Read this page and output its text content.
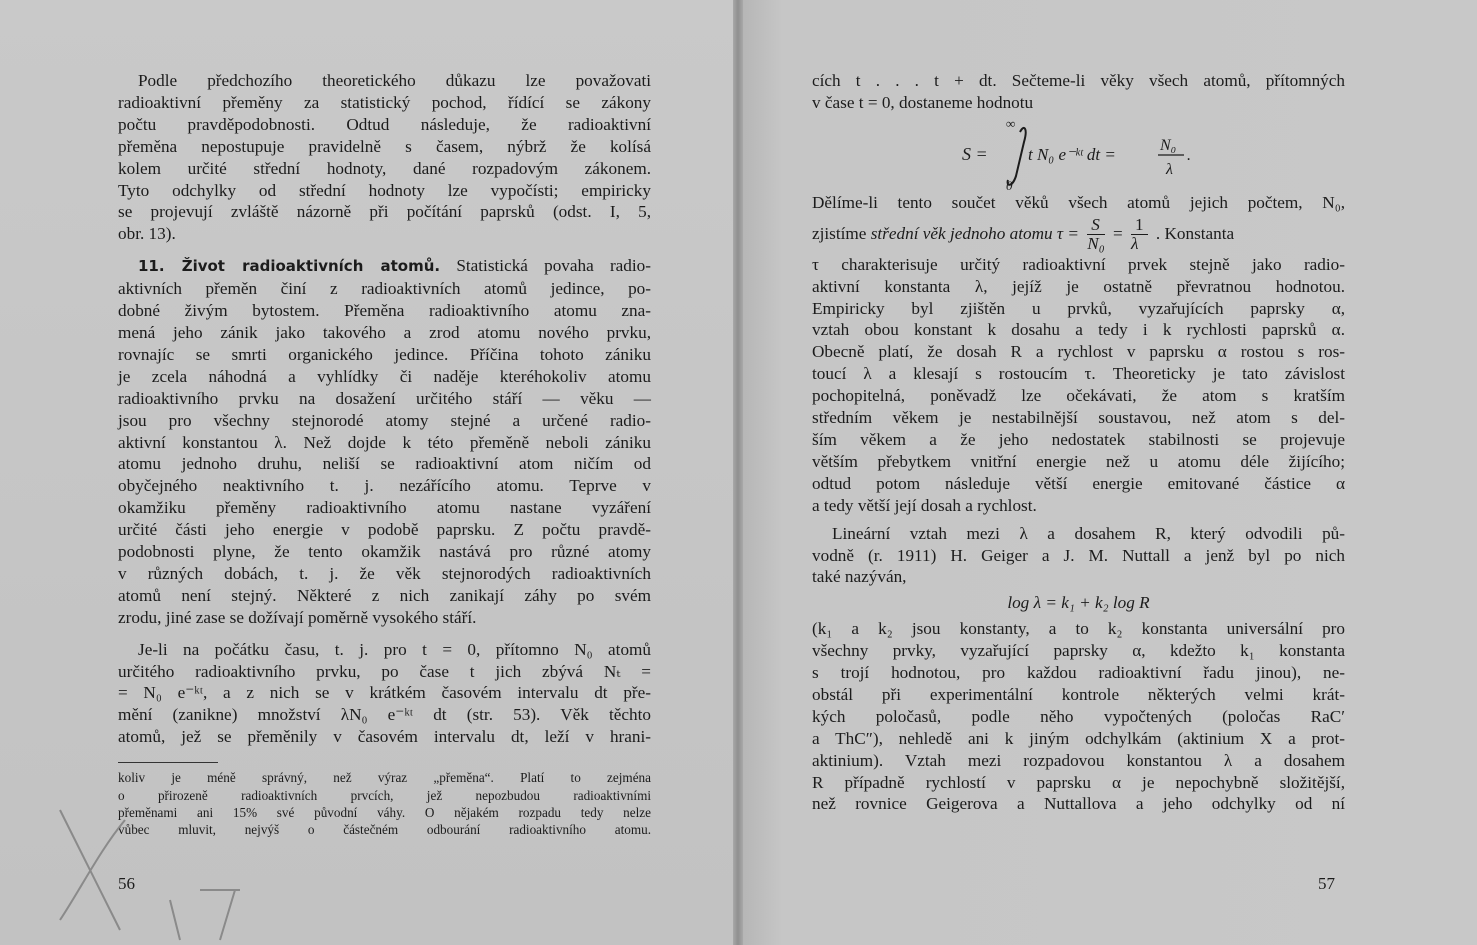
Podle předchozího theoretického důkazu lze považovati
radioaktivní přeměny za statistický pochod, řídící se zákony
počtu pravděpodobnosti. Odtud následuje, že radioaktivní
přeměna nepostupuje pravidelně s časem, nýbrž že kolísá
kolem určité střední hodnoty, dané rozpadovým zákonem.
Tyto odchylky od střední hodnoty lze vypočísti; empiricky
se projevují zvláště názorně při počítání paprsků (odst. I, 5,
obr. 13).
11. Život radioaktivních atomů. Statistická povaha radio-
aktivních přeměn činí z radioaktivních atomů jedince, po-
dobné živým bytostem. Přeměna radioaktivního atomu zna-
mená jeho zánik jako takového a zrod atomu nového prvku,
rovnajíc se smrti organického jedince. Příčina tohoto zániku
je zcela náhodná a vyhlídky či naděje kteréhokoliv atomu
radioaktivního prvku na dosažení určitého stáří — věku —
jsou pro všechny stejnorodé atomy stejné a určené radio-
aktivní konstantou λ. Než dojde k této přeměně neboli zániku
atomu jednoho druhu, neliší se radioaktivní atom ničím od
obyčejného neaktivního t. j. nezářícího atomu. Teprve v
okamžiku přeměny radioaktivního atomu nastane vyzáření
určité části jeho energie v podobě paprsku. Z počtu pravdě-
podobnosti plyne, že tento okamžik nastává pro různé atomy
v různých dobách, t. j. že věk stejnorodých radioaktivních
atomů není stejný. Některé z nich zanikají záhy po svém
zrodu, jiné zase se dožívají poměrně vysokého stáří.
Je-li na počátku času, t. j. pro t = 0, přítomno N₀ atomů
určitého radioaktivního prvku, po čase t jich zbývá Nₜ =
= N₀ e⁻ᵏᵗ, a z nich se v krátkém časovém intervalu dt pře-
mění (zanikne) množství λN₀ e⁻ᵏᵗ dt (str. 53). Věk těchto
atomů, jež se přeměnily v časovém intervalu dt, leží v hrani-
koliv je méně správný, než výraz „přeměna“. Platí to zejména
o přirozeně radioaktivních prvcích, jež nepozbudou radioaktivními
přeměnami ani 15% své původní váhy. O nějakém rozpadu tedy nelze
vůbec mluvit, nejvýš o částečném odbourání radioaktivního atomu.
56
cích t . . . t + dt. Sečteme-li věky všech atomů, přítomných
v čase t = 0, dostaneme hodnotu
S =
∞
0
t N₀ e⁻ᵏᵗ dt =	N₀
λ
.
Dělíme-li tento součet věků všech atomů jejich počtem, N₀,
zjistíme střední věk jednoho atomu $\tau = \frac{S}{\text{N₀}} = \frac{1}{\lambda}$ . Konstanta
τ charakterisuje určitý radioaktivní prvek stejně jako radio-
aktivní konstanta λ, jejíž je ostatně převratnou hodnotou.
Empiricky byl zjištěn u prvků, vyzařujících paprsky α,
vztah obou konstant k dosahu a tedy i k rychlosti paprsků α.
Obecně platí, že dosah R a rychlost v paprsku α rostou s ros-
toucí λ a klesají s rostoucím τ. Theoreticky je tato závislost
pochopitelná, poněvadž lze očekávati, že atom s kratším
středním věkem je nestabilnější soustavou, než atom s del-
ším věkem a že jeho nedostatek stabilnosti se projevuje
větším přebytkem vnitřní energie než u atomu déle žijícího;
odtud potom následuje větší energie emitované částice α
a tedy větší její dosah a rychlost.
Lineární vztah mezi λ a dosahem R, který odvodili pů-
vodně (r. 1911) H. Geiger a J. M. Nuttall a jenž byl po nich
také nazýván,
log λ = k₁ + k₂ log R
(k₁ a k₂ jsou konstanty, a to k₂ konstanta universální pro
všechny prvky, vyzařující paprsky α, kdežto k₁ konstanta
s trojí hodnotou, pro každou radioaktivní řadu jinou), ne-
obstál při experimentální kontrole některých velmi krát-
kých poločasů, podle něho vypočtených (poločas RaC′
a ThC″), nehledě ani k jiným odchylkám (aktinium X a prot-
aktinium). Vztah mezi rozpadovou konstantou λ a dosahem
R případně rychlostí v paprsku α je nepochybně složitější,
než rovnice Geigerova a Nuttallova a jeho odchylky od ní
57
